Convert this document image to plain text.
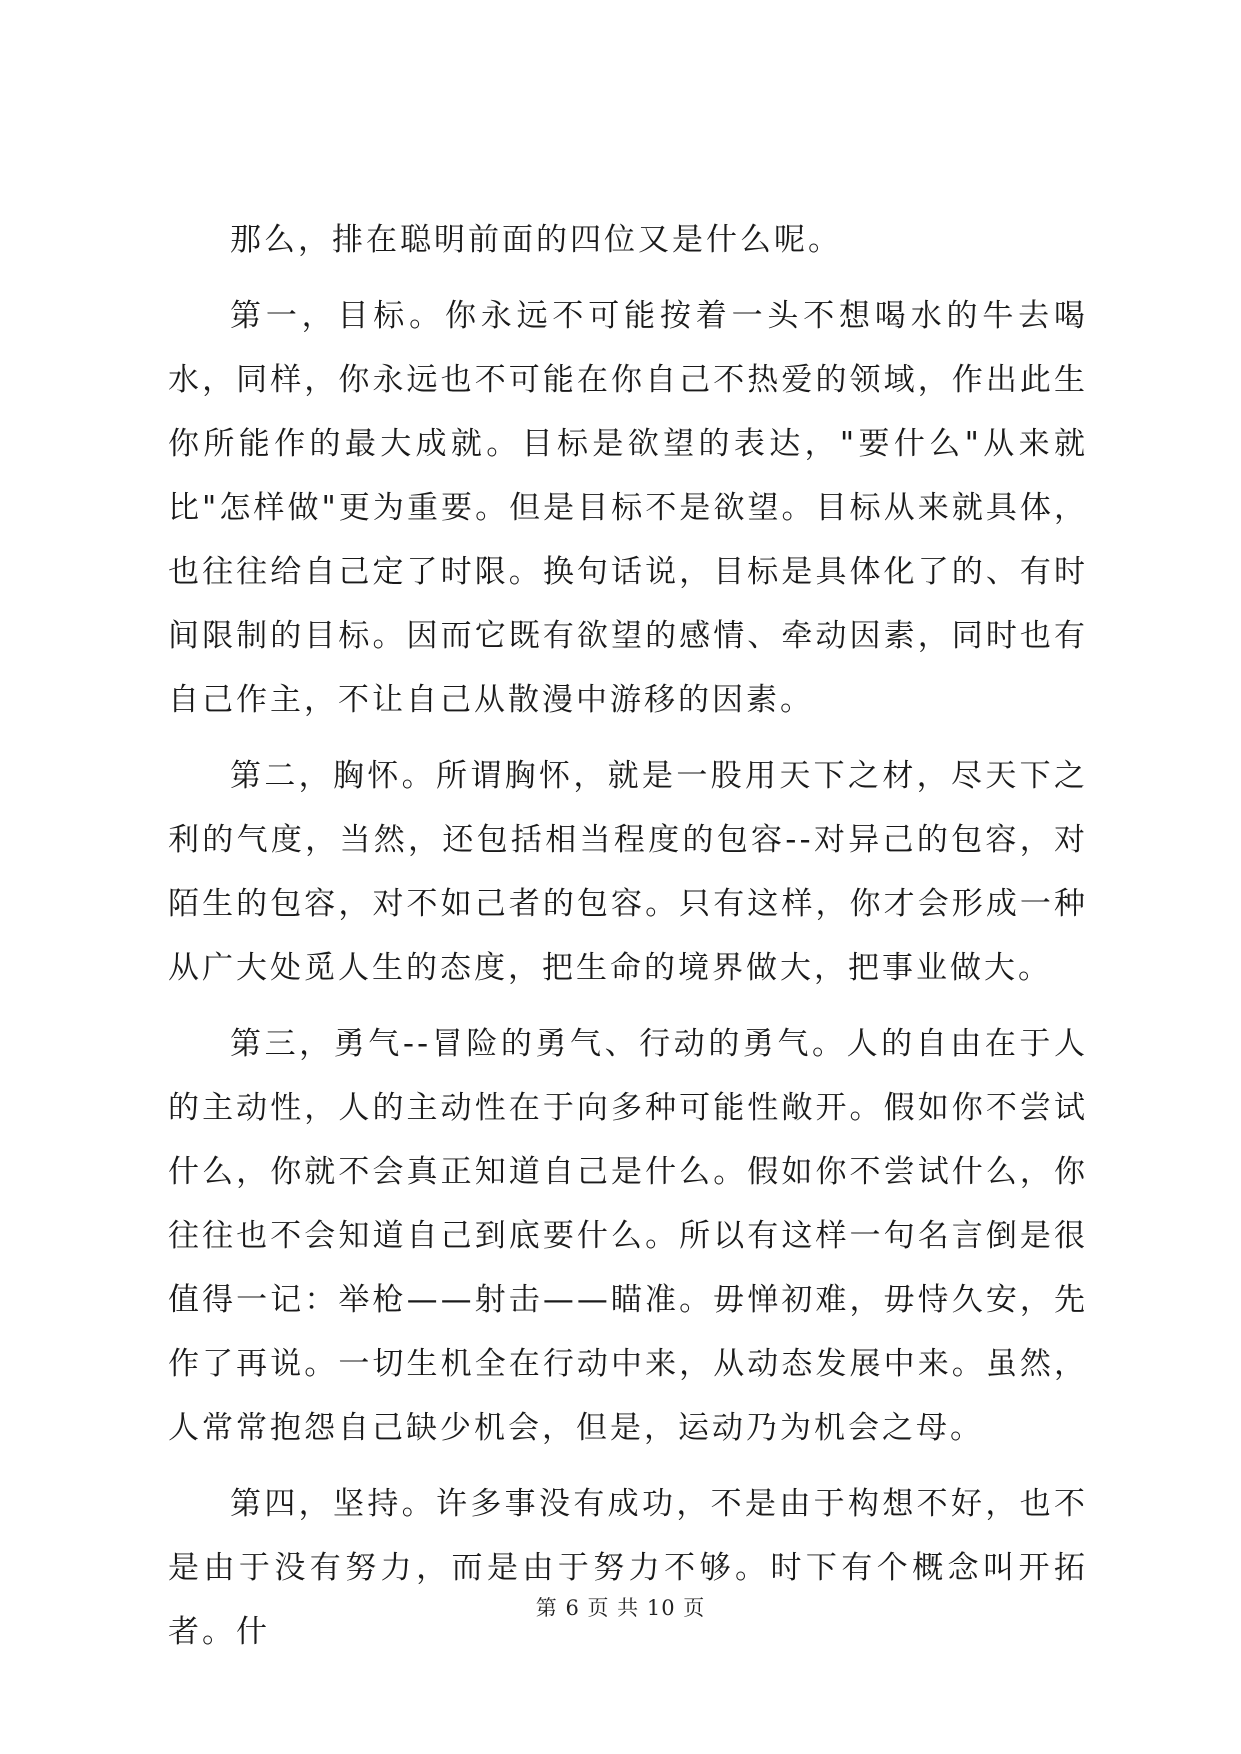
那么，排在聪明前面的四位又是什么呢。

第一，目标。你永远不可能按着一头不想喝水的牛去喝水，同样，你永远也不可能在你自己不热爱的领域，作出此生你所能作的最大成就。目标是欲望的表达，"要什么"从来就比"怎样做"更为重要。但是目标不是欲望。目标从来就具体，也往往给自己定了时限。换句话说，目标是具体化了的、有时间限制的目标。因而它既有欲望的感情、牵动因素，同时也有自己作主，不让自己从散漫中游移的因素。

第二，胸怀。所谓胸怀，就是一股用天下之材，尽天下之利的气度，当然，还包括相当程度的包容--对异己的包容，对陌生的包容，对不如己者的包容。只有这样，你才会形成一种从广大处觅人生的态度，把生命的境界做大，把事业做大。

第三，勇气--冒险的勇气、行动的勇气。人的自由在于人的主动性，人的主动性在于向多种可能性敞开。假如你不尝试什么，你就不会真正知道自己是什么。假如你不尝试什么，你往往也不会知道自己到底要什么。所以有这样一句名言倒是很值得一记：举枪——射击——瞄准。毋惮初难，毋恃久安，先作了再说。一切生机全在行动中来，从动态发展中来。虽然，人常常抱怨自己缺少机会，但是，运动乃为机会之母。

第四，坚持。许多事没有成功，不是由于构想不好，也不是由于没有努力，而是由于努力不够。时下有个概念叫开拓者。什

第 6 页 共 10 页
